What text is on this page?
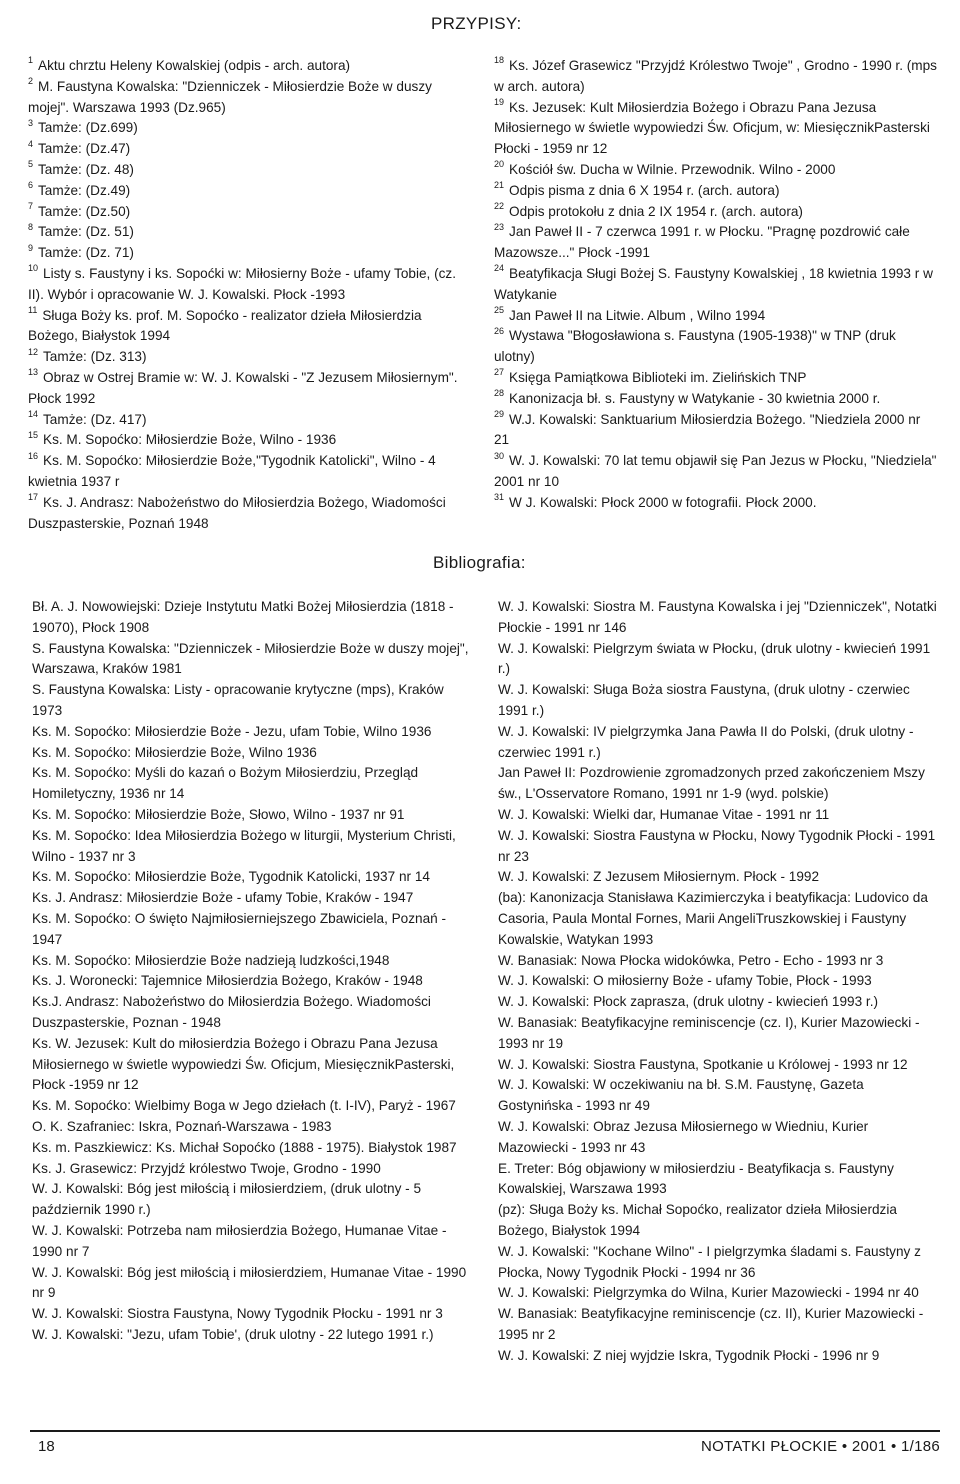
PRZYPISY:

$^1$ Aktu chrztu Heleny Kowalskiej (odpis - arch. autora)

$^2$ M. Faustyna Kowalska: "Dzienniczek - Miłosierdzie Boże w duszy mojej". Warszawa 1993 (Dz.965)

$^3$ Tamże: (Dz.699)

$^4$ Tamże: (Dz.47)

$^5$ Tamże: (Dz. 48)

$^6$ Tamże: (Dz.49)

$^7$ Tamże: (Dz.50)

$^8$ Tamże: (Dz. 51)

$^9$ Tamże: (Dz. 71)

$^{10}$ Listy s. Faustyny i ks. Sopoćki w: Miłosierny Boże - ufamy Tobie, (cz. II). Wybór i opracowanie W. J. Kowalski. Płock -1993

$^{11}$ Sługa Boży ks. prof. M. Sopoćko - realizator dzieła Miłosierdzia Bożego, Białystok 1994

$^{12}$ Tamże: (Dz. 313)

$^{13}$ Obraz w Ostrej Bramie w: W. J. Kowalski - "Z Jezusem Miłosiernym". Płock 1992

$^{14}$ Tamże: (Dz. 417)

$^{15}$ Ks. M. Sopoćko: Miłosierdzie Boże, Wilno - 1936

$^{16}$ Ks. M. Sopoćko: Miłosierdzie Boże,"Tygodnik Katolicki", Wilno - 4 kwietnia 1937 r

$^{17}$ Ks. J. Andrasz: Nabożeństwo do Miłosierdzia Bożego, Wiadomości Duszpasterskie, Poznań 1948

$^{18}$ Ks. Józef Grasewicz "Przyjdź Królestwo Twoje" , Grodno - 1990 r. (mps w arch. autora)

$^{19}$ Ks. Jezusek: Kult Miłosierdzia Bożego i Obrazu Pana Jezusa Miłosiernego w świetle wypowiedzi Św. Oficjum, w: MiesięcznikPasterski Płocki - 1959 nr 12

$^{20}$ Kościół św. Ducha w Wilnie. Przewodnik. Wilno - 2000

$^{21}$ Odpis pisma z dnia 6 X 1954 r. (arch. autora)

$^{22}$ Odpis protokołu z dnia 2 IX 1954 r. (arch. autora)

$^{23}$ Jan Paweł II - 7 czerwca 1991 r. w Płocku. "Pragnę pozdrowić całe Mazowsze..." Płock -1991

$^{24}$ Beatyfikacja Sługi Bożej S. Faustyny Kowalskiej , 18 kwietnia 1993 r w Watykanie

$^{25}$ Jan Paweł II na Litwie. Album , Wilno 1994

$^{26}$ Wystawa "Błogosławiona s. Faustyna (1905-1938)" w TNP (druk ulotny)

$^{27}$ Księga Pamiątkowa Biblioteki im. Zielińskich TNP

$^{28}$ Kanonizacja bł. s. Faustyny w Watykanie - 30 kwietnia 2000 r.

$^{29}$ W.J. Kowalski: Sanktuarium Miłosierdzia Bożego. "Niedziela 2000 nr 21

$^{30}$ W. J. Kowalski: 70 lat temu objawił się Pan Jezus w Płocku, "Niedziela" 2001 nr 10

$^{31}$ W J. Kowalski: Płock 2000 w fotografii. Płock 2000.

Bibliografia:

Bł. A. J. Nowowiejski: Dzieje Instytutu Matki Bożej Miłosierdzia (1818 - 19070), Płock 1908

S. Faustyna Kowalska: "Dzienniczek - Miłosierdzie Boże w duszy mojej", Warszawa, Kraków 1981

S. Faustyna Kowalska: Listy - opracowanie krytyczne (mps), Kraków 1973

Ks. M. Sopoćko: Miłosierdzie Boże - Jezu, ufam Tobie, Wilno 1936

Ks. M. Sopoćko: Miłosierdzie Boże, Wilno 1936

Ks. M. Sopoćko: Myśli do kazań o Bożym Miłosierdziu, Przegląd Homiletyczny, 1936 nr 14

Ks. M. Sopoćko: Miłosierdzie Boże, Słowo, Wilno - 1937 nr 91

Ks. M. Sopoćko: Idea Miłosierdzia Bożego w liturgii, Mysterium Christi, Wilno - 1937 nr 3

Ks. M. Sopoćko: Miłosierdzie Boże, Tygodnik Katolicki, 1937 nr 14

Ks. J. Andrasz: Miłosierdzie Boże - ufamy Tobie, Kraków - 1947

Ks. M. Sopoćko: O święto Najmiłosierniejszego Zbawiciela, Poznań - 1947

Ks. M. Sopoćko: Miłosierdzie Boże nadzieją ludzkości,1948

Ks. J. Woronecki: Tajemnice Miłosierdzia Bożego, Kraków - 1948

Ks.J. Andrasz: Nabożeństwo do Miłosierdzia Bożego. Wiadomości Duszpasterskie, Poznan - 1948

Ks. W. Jezusek: Kult do miłosierdzia Bożego i Obrazu Pana Jezusa Miłosiernego w świetle wypowiedzi Św. Oficjum, MiesięcznikPasterski, Płock -1959 nr 12

Ks. M. Sopoćko: Wielbimy Boga w Jego dziełach (t. I-IV), Paryż - 1967

O. K. Szafraniec: Iskra, Poznań-Warszawa - 1983

Ks. m. Paszkiewicz: Ks. Michał Sopoćko (1888 - 1975). Białystok 1987

Ks. J. Grasewicz: Przyjdź królestwo Twoje, Grodno - 1990

W. J. Kowalski: Bóg jest miłością i miłosierdziem, (druk ulotny - 5 październik 1990 r.)

W. J. Kowalski: Potrzeba nam miłosierdzia Bożego, Humanae Vitae - 1990 nr 7

W. J. Kowalski: Bóg jest miłością i miłosierdziem, Humanae Vitae - 1990 nr 9

W. J. Kowalski: Siostra Faustyna, Nowy Tygodnik Płocku - 1991 nr 3

W. J. Kowalski: "Jezu, ufam Tobie', (druk ulotny - 22 lutego 1991 r.)

W. J. Kowalski: Siostra M. Faustyna Kowalska i jej "Dzienniczek", Notatki Płockie - 1991 nr 146

W. J. Kowalski: Pielgrzym świata w Płocku, (druk ulotny - kwiecień 1991 r.)

W. J. Kowalski: Sługa Boża siostra Faustyna, (druk ulotny - czerwiec 1991 r.)

W. J. Kowalski: IV pielgrzymka Jana Pawła II do Polski, (druk ulotny - czerwiec 1991 r.)

Jan Paweł II: Pozdrowienie zgromadzonych przed zakończeniem Mszy św., L'Osservatore Romano, 1991 nr 1-9 (wyd. polskie)

W. J. Kowalski: Wielki dar, Humanae Vitae - 1991 nr 11

W. J. Kowalski: Siostra Faustyna w Płocku, Nowy Tygodnik Płocki - 1991 nr 23

W. J. Kowalski: Z Jezusem Miłosiernym. Płock - 1992

(ba): Kanonizacja Stanisława Kazimierczyka i beatyfikacja: Ludovico da Casoria, Paula Montal Fornes, Marii AngeliTruszkowskiej i Faustyny Kowalskie, Watykan 1993

W. Banasiak: Nowa Płocka widokówka, Petro - Echo - 1993 nr 3

W. J. Kowalski: O miłosierny Boże - ufamy Tobie, Płock - 1993

W. J. Kowalski: Płock zaprasza, (druk ulotny - kwiecień 1993 r.)

W. Banasiak: Beatyfikacyjne reminiscencje (cz. I), Kurier Mazowiecki - 1993 nr 19

W. J. Kowalski: Siostra Faustyna, Spotkanie u Królowej - 1993 nr 12

W. J. Kowalski: W oczekiwaniu na bł. S.M. Faustynę, Gazeta Gostynińska - 1993 nr 49

W. J. Kowalski: Obraz Jezusa Miłosiernego w Wiedniu, Kurier Mazowiecki - 1993 nr 43

E. Treter: Bóg objawiony w miłosierdziu - Beatyfikacja s. Faustyny Kowalskiej, Warszawa 1993

(pz): Sługa Boży ks. Michał Sopoćko, realizator dzieła Miłosierdzia Bożego, Białystok 1994

W. J. Kowalski: "Kochane Wilno" - I pielgrzymka śladami s. Faustyny z Płocka, Nowy Tygodnik Płocki - 1994 nr 36

W. J. Kowalski: Pielgrzymka do Wilna, Kurier Mazowiecki - 1994 nr 40

W. Banasiak: Beatyfikacyjne reminiscencje (cz. II), Kurier Mazowiecki - 1995 nr 2

W. J. Kowalski: Z niej wyjdzie Iskra, Tygodnik Płocki - 1996 nr 9

18	NOTATKI PŁOCKIE • 2001 • 1/186
